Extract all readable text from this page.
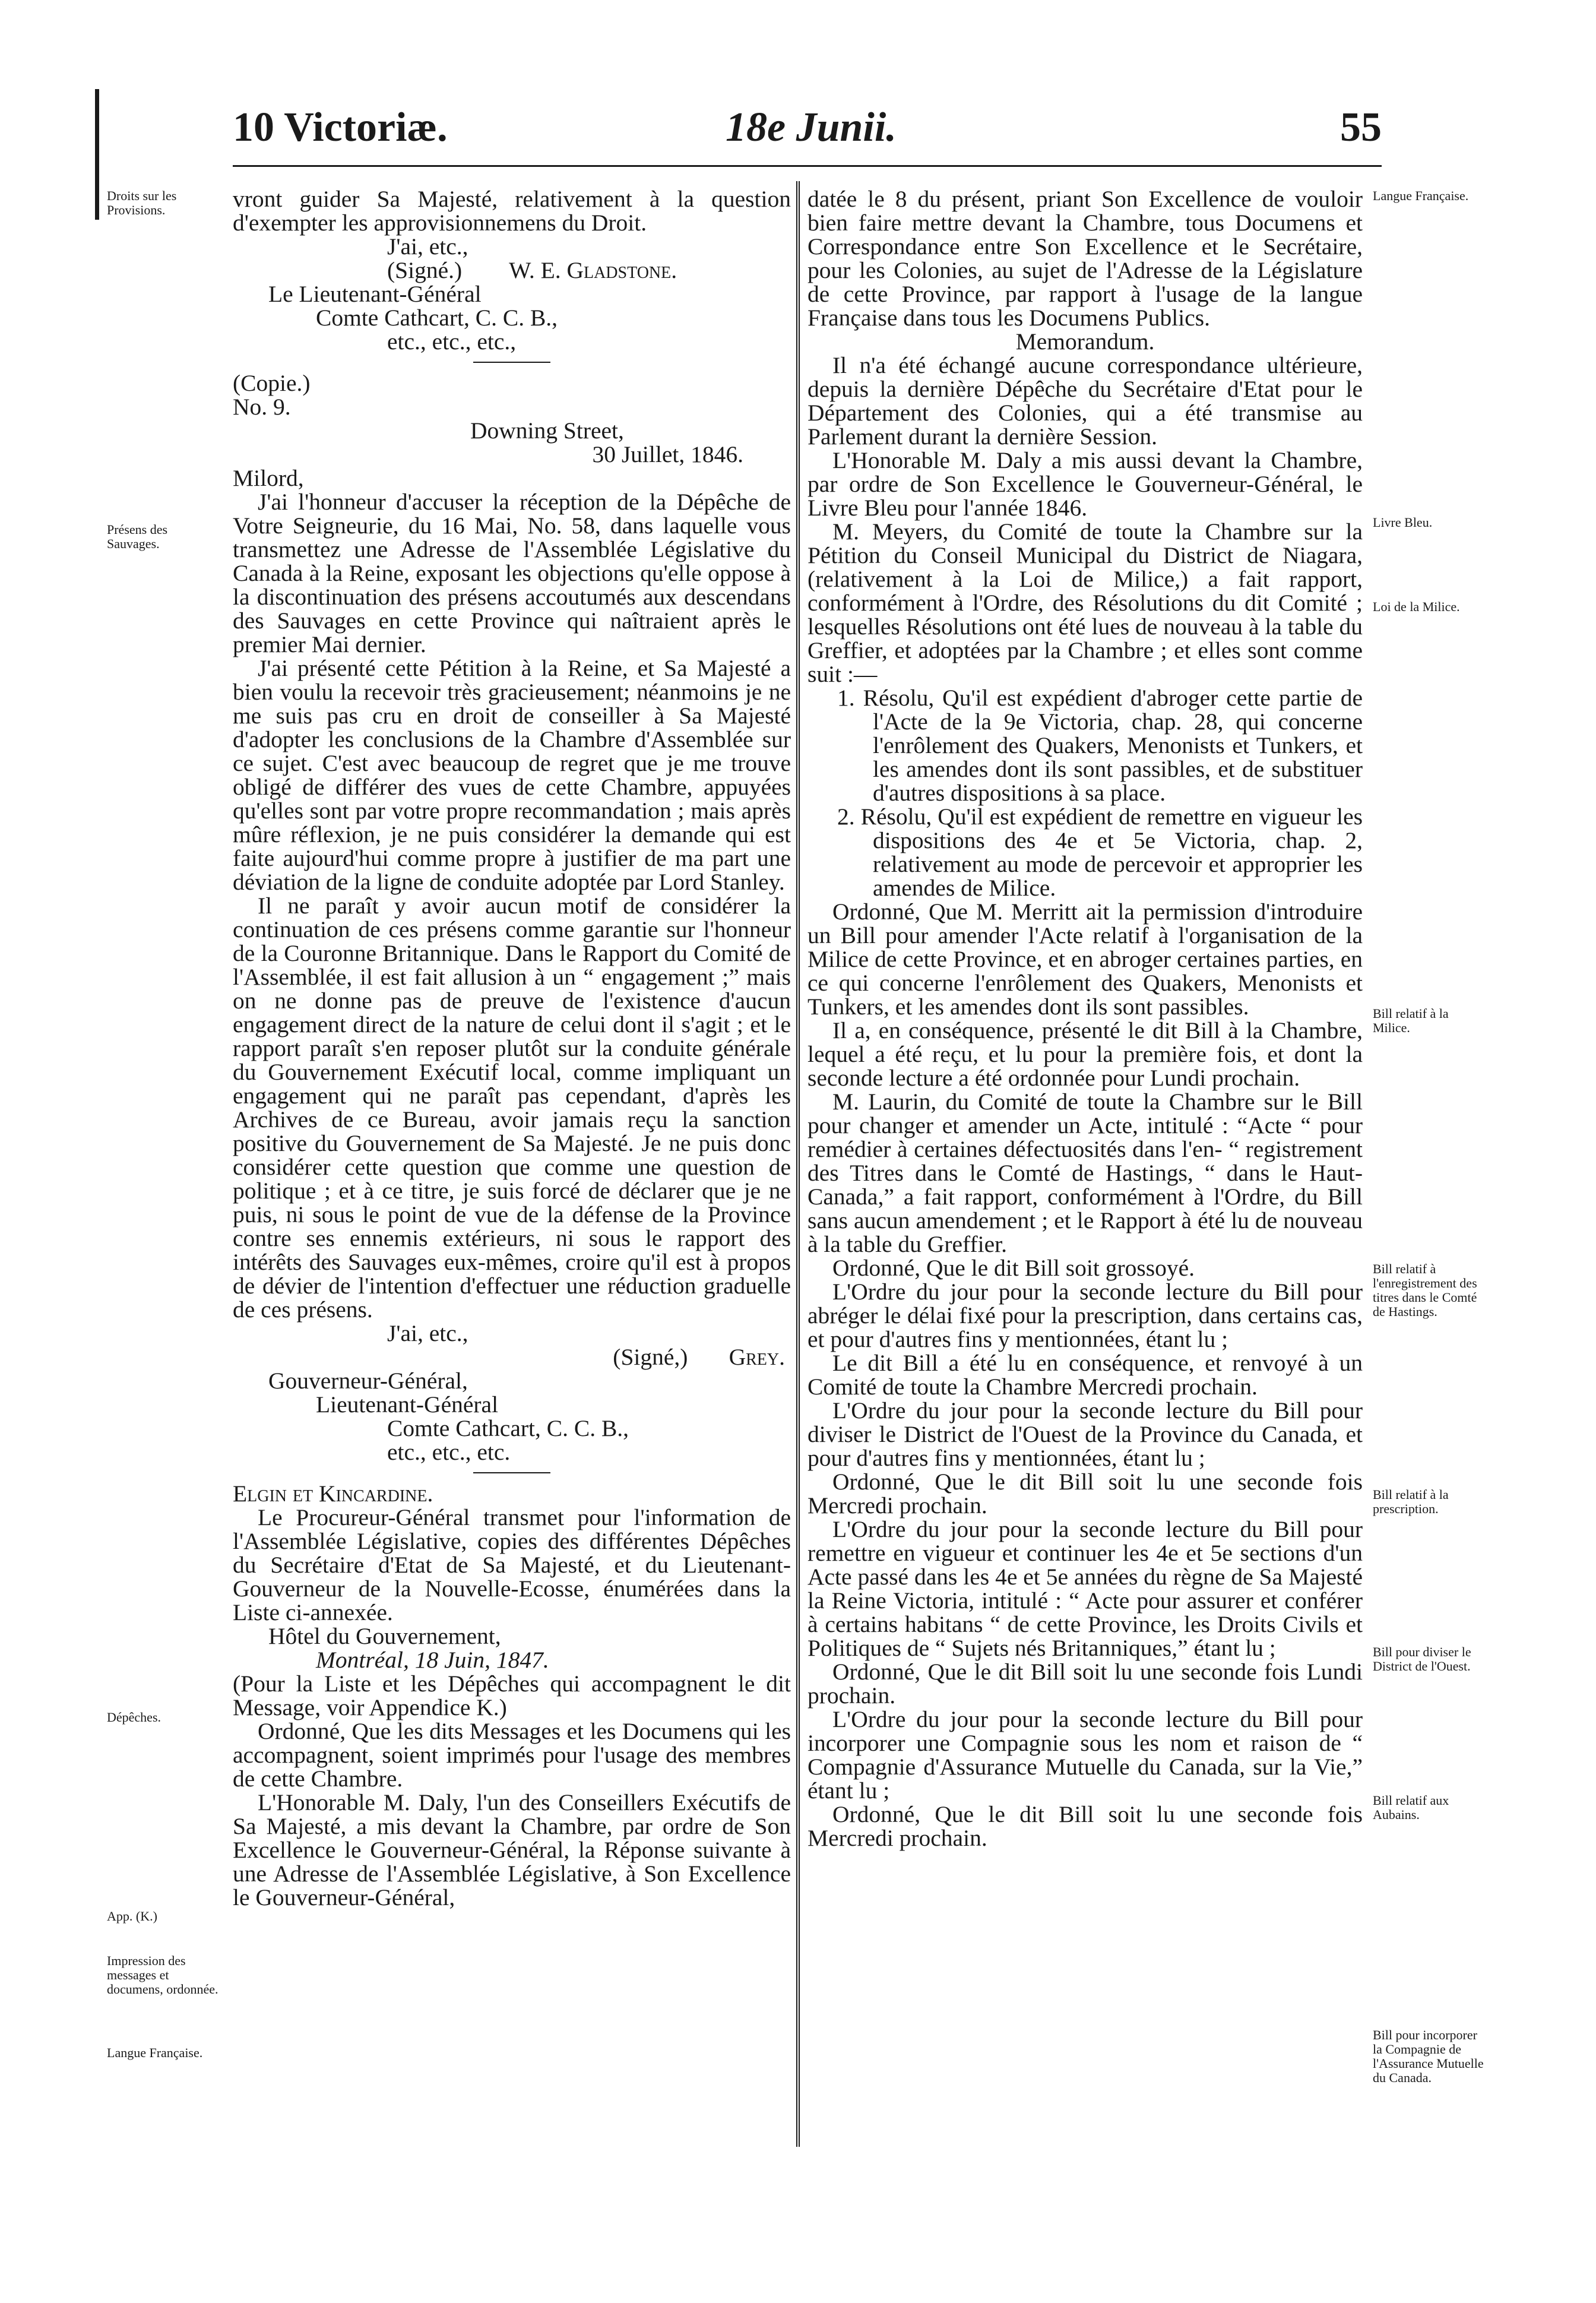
10 Victoriæ.	18e Junii.	55
Droits sur les Provisions.
Présens des Sauvages.
Dépêches.
App. (K.)
Impression des messages et documens, ordonnée.
Langue Française.
Langue Française.
Livre Bleu.
Loi de la Milice.
Bill relatif à la Milice.
Bill relatif à l'enregistrement des titres dans le Comté de Hastings.
Bill relatif à la prescription.
Bill pour diviser le District de l'Ouest.
Bill relatif aux Aubains.
Bill pour incorporer la Compagnie de l'Assurance Mutuelle du Canada.

vront guider Sa Majesté, relativement à la question d'exempter les approvisionnemens du Droit.

J'ai, etc.,

(Signé.) W. E. Gladstone.

Le Lieutenant-Général

Comte Cathcart, C. C. B.,

etc., etc., etc.,

(Copie.)

No. 9.

Downing Street,

30 Juillet, 1846.

Milord,

J'ai l'honneur d'accuser la réception de la Dépêche de Votre Seigneurie, du 16 Mai, No. 58, dans laquelle vous transmettez une Adresse de l'Assemblée Législative du Canada à la Reine, exposant les objections qu'elle oppose à la discontinuation des présens accoutumés aux descendans des Sauvages en cette Province qui naîtraient après le premier Mai dernier.

J'ai présenté cette Pétition à la Reine, et Sa Majesté a bien voulu la recevoir très gracieusement; néanmoins je ne me suis pas cru en droit de conseiller à Sa Majesté d'adopter les conclusions de la Chambre d'Assemblée sur ce sujet. C'est avec beaucoup de regret que je me trouve obligé de différer des vues de cette Chambre, appuyées qu'elles sont par votre propre recommandation ; mais après mûre réflexion, je ne puis considérer la demande qui est faite aujourd'hui comme propre à justifier de ma part une déviation de la ligne de conduite adoptée par Lord Stanley.

Il ne paraît y avoir aucun motif de considérer la continuation de ces présens comme garantie sur l'honneur de la Couronne Britannique. Dans le Rapport du Comité de l'Assemblée, il est fait allusion à un “ engagement ;” mais on ne donne pas de preuve de l'existence d'aucun engagement direct de la nature de celui dont il s'agit ; et le rapport paraît s'en reposer plutôt sur la conduite générale du Gouvernement Exécutif local, comme impliquant un engagement qui ne paraît pas cependant, d'après les Archives de ce Bureau, avoir jamais reçu la sanction positive du Gouvernement de Sa Majesté. Je ne puis donc considérer cette question que comme une question de politique ; et à ce titre, je suis forcé de déclarer que je ne puis, ni sous le point de vue de la défense de la Province contre ses ennemis extérieurs, ni sous le rapport des intérêts des Sauvages eux-mêmes, croire qu'il est à propos de dévier de l'intention d'effectuer une réduction graduelle de ces présens.

J'ai, etc.,

(Signé,) Grey.

Gouverneur-Général,

Lieutenant-Général

Comte Cathcart, C. C. B.,

etc., etc., etc.

Elgin et Kincardine.

Le Procureur-Général transmet pour l'information de l'Assemblée Législative, copies des différentes Dépêches du Secrétaire d'Etat de Sa Majesté, et du Lieutenant-Gouverneur de la Nouvelle-Ecosse, énumérées dans la Liste ci-annexée.

Hôtel du Gouvernement,

Montréal, 18 Juin, 1847.

(Pour la Liste et les Dépêches qui accompagnent le dit Message, voir Appendice K.)

Ordonné, Que les dits Messages et les Documens qui les accompagnent, soient imprimés pour l'usage des membres de cette Chambre.

L'Honorable M. Daly, l'un des Conseillers Exécutifs de Sa Majesté, a mis devant la Chambre, par ordre de Son Excellence le Gouverneur-Général, la Réponse suivante à une Adresse de l'Assemblée Législative, à Son Excellence le Gouverneur-Général,

datée le 8 du présent, priant Son Excellence de vouloir bien faire mettre devant la Chambre, tous Documens et Correspondance entre Son Excellence et le Secrétaire, pour les Colonies, au sujet de l'Adresse de la Législature de cette Province, par rapport à l'usage de la langue Française dans tous les Documens Publics.

Memorandum.

Il n'a été échangé aucune correspondance ultérieure, depuis la dernière Dépêche du Secrétaire d'Etat pour le Département des Colonies, qui a été transmise au Parlement durant la dernière Session.

L'Honorable M. Daly a mis aussi devant la Chambre, par ordre de Son Excellence le Gouverneur-Général, le Livre Bleu pour l'année 1846.

M. Meyers, du Comité de toute la Chambre sur la Pétition du Conseil Municipal du District de Niagara, (relativement à la Loi de Milice,) a fait rapport, conformément à l'Ordre, des Résolutions du dit Comité ; lesquelles Résolutions ont été lues de nouveau à la table du Greffier, et adoptées par la Chambre ; et elles sont comme suit :—

1. Résolu, Qu'il est expédient d'abroger cette partie de l'Acte de la 9e Victoria, chap. 28, qui concerne l'enrôlement des Quakers, Menonists et Tunkers, et les amendes dont ils sont passibles, et de substituer d'autres dispositions à sa place.

2. Résolu, Qu'il est expédient de remettre en vigueur les dispositions des 4e et 5e Victoria, chap. 2, relativement au mode de percevoir et approprier les amendes de Milice.

Ordonné, Que M. Merritt ait la permission d'introduire un Bill pour amender l'Acte relatif à l'organisation de la Milice de cette Province, et en abroger certaines parties, en ce qui concerne l'enrôlement des Quakers, Menonists et Tunkers, et les amendes dont ils sont passibles.

Il a, en conséquence, présenté le dit Bill à la Chambre, lequel a été reçu, et lu pour la première fois, et dont la seconde lecture a été ordonnée pour Lundi prochain.

M. Laurin, du Comité de toute la Chambre sur le Bill pour changer et amender un Acte, intitulé : “Acte “ pour remédier à certaines défectuosités dans l'en- “ registrement des Titres dans le Comté de Hastings, “ dans le Haut-Canada,” a fait rapport, conformément à l'Ordre, du Bill sans aucun amendement ; et le Rapport à été lu de nouveau à la table du Greffier.

Ordonné, Que le dit Bill soit grossoyé.

L'Ordre du jour pour la seconde lecture du Bill pour abréger le délai fixé pour la prescription, dans certains cas, et pour d'autres fins y mentionnées, étant lu ;

Le dit Bill a été lu en conséquence, et renvoyé à un Comité de toute la Chambre Mercredi prochain.

L'Ordre du jour pour la seconde lecture du Bill pour diviser le District de l'Ouest de la Province du Canada, et pour d'autres fins y mentionnées, étant lu ;

Ordonné, Que le dit Bill soit lu une seconde fois Mercredi prochain.

L'Ordre du jour pour la seconde lecture du Bill pour remettre en vigueur et continuer les 4e et 5e sections d'un Acte passé dans les 4e et 5e années du règne de Sa Majesté la Reine Victoria, intitulé : “ Acte pour assurer et conférer à certains habitans “ de cette Province, les Droits Civils et Politiques de “ Sujets nés Britanniques,” étant lu ;

Ordonné, Que le dit Bill soit lu une seconde fois Lundi prochain.

L'Ordre du jour pour la seconde lecture du Bill pour incorporer une Compagnie sous les nom et raison de “ Compagnie d'Assurance Mutuelle du Canada, sur la Vie,” étant lu ;

Ordonné, Que le dit Bill soit lu une seconde fois Mercredi prochain.
